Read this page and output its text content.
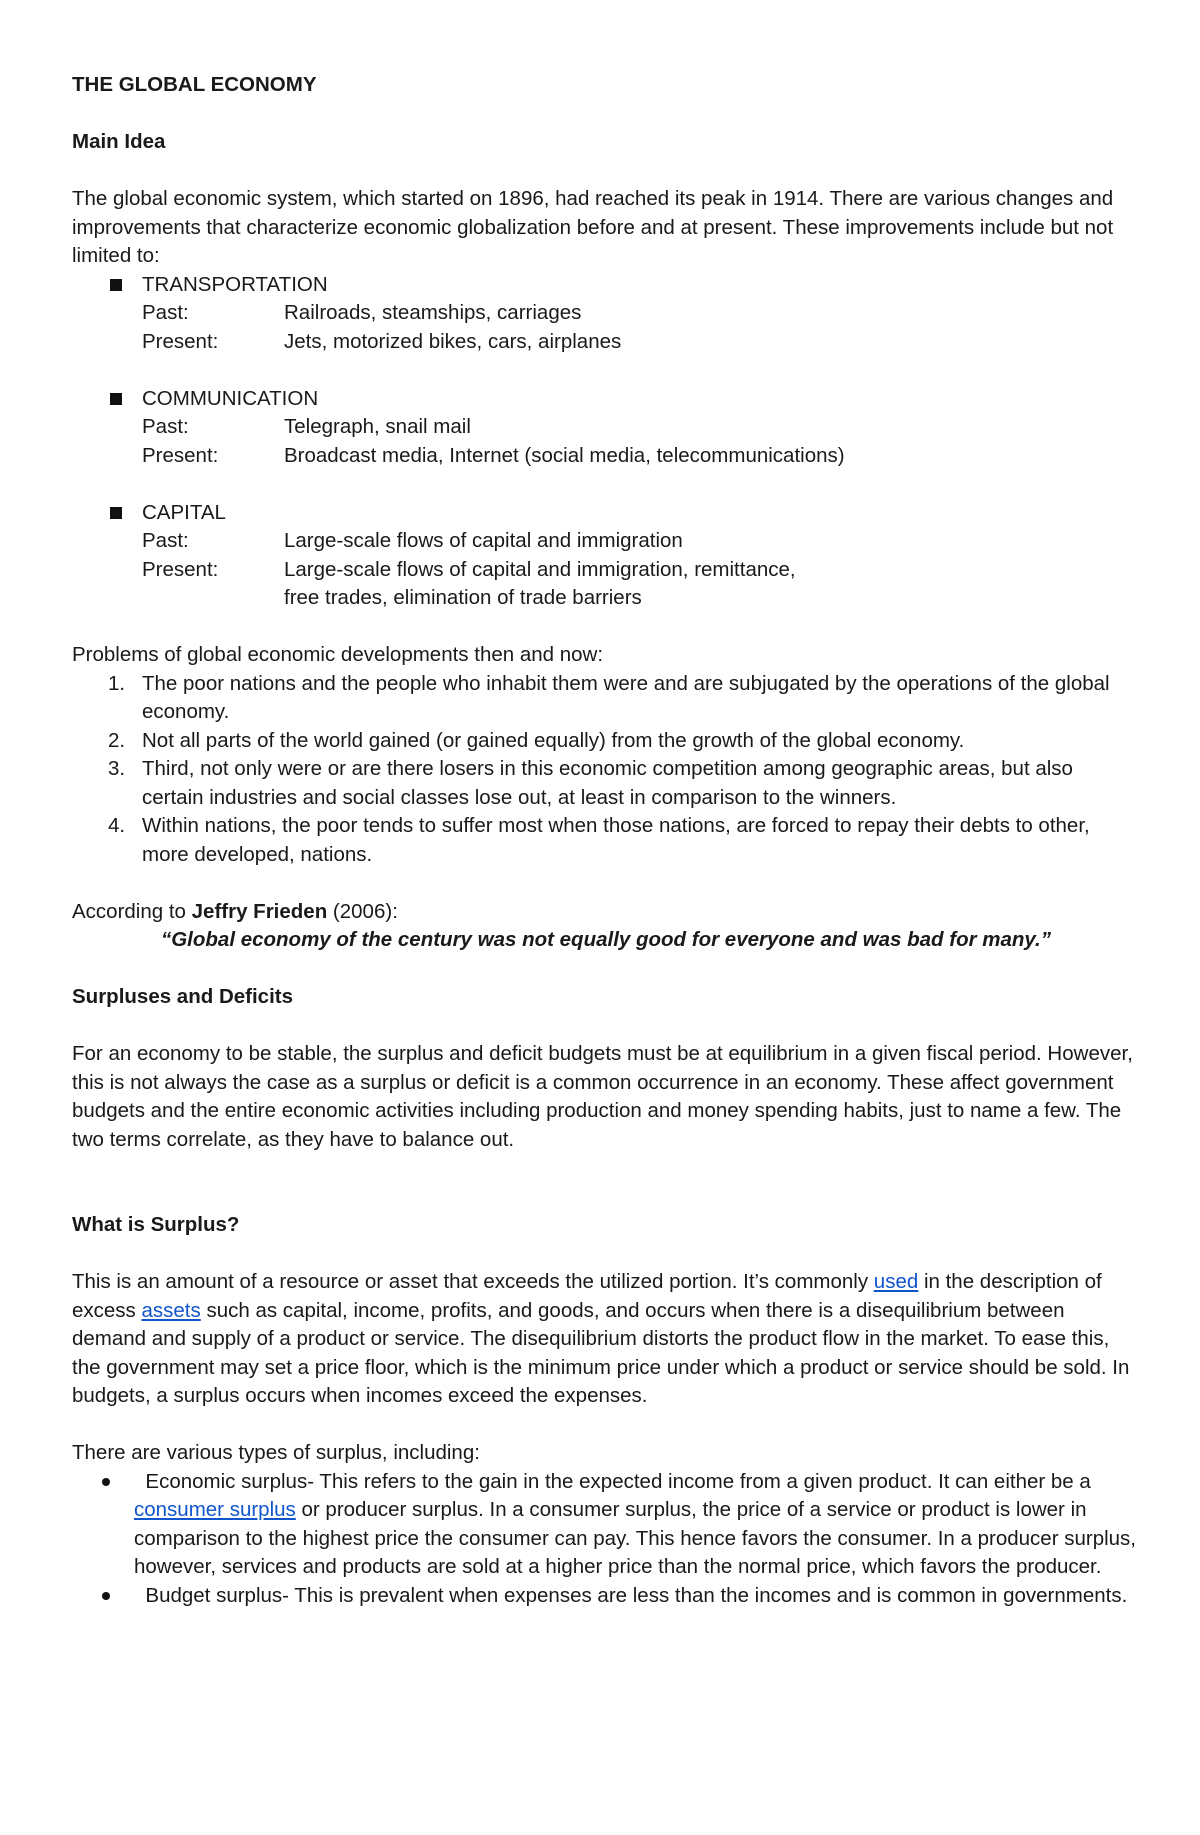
THE GLOBAL ECONOMY

Main Idea

The global economic system, which started on 1896, had reached its peak in 1914. There are various changes and improvements that characterize economic globalization before and at present. These improvements include but not limited to:

TRANSPORTATION
Past:	Railroads, steamships, carriages
Present:	Jets, motorized bikes, cars, airplanes
COMMUNICATION
Past:	Telegraph, snail mail
Present:	Broadcast media, Internet (social media, telecommunications)
CAPITAL
Past:	Large-scale flows of capital and immigration
Present:	Large-scale flows of capital and immigration, remittance,
free trades, elimination of trade barriers

Problems of global economic developments then and now:

1. The poor nations and the people who inhabit them were and are subjugated by the operations of the global economy.
2. Not all parts of the world gained (or gained equally) from the growth of the global economy.
3. Third, not only were or are there losers in this economic competition among geographic areas, but also certain industries and social classes lose out, at least in comparison to the winners.
4. Within nations, the poor tends to suffer most when those nations, are forced to repay their debts to other, more developed, nations.

According to Jeffry Frieden (2006):

“Global economy of the century was not equally good for everyone and was bad for many.”

Surpluses and Deficits

For an economy to be stable, the surplus and deficit budgets must be at equilibrium in a given fiscal period. However, this is not always the case as a surplus or deficit is a common occurrence in an economy. These affect government budgets and the entire economic activities including production and money spending habits, just to name a few. The two terms correlate, as they have to balance out.

What is Surplus?

This is an amount of a resource or asset that exceeds the utilized portion. It’s commonly used in the description of excess assets such as capital, income, profits, and goods, and occurs when there is a disequilibrium between demand and supply of a product or service. The disequilibrium distorts the product flow in the market. To ease this, the government may set a price floor, which is the minimum price under which a product or service should be sold. In budgets, a surplus occurs when incomes exceed the expenses.

There are various types of surplus, including:

Economic surplus- This refers to the gain in the expected income from a given product. It can either be a consumer surplus or producer surplus. In a consumer surplus, the price of a service or product is lower in comparison to the highest price the consumer can pay. This hence favors the consumer. In a producer surplus, however, services and products are sold at a higher price than the normal price, which favors the producer.
Budget surplus- This is prevalent when expenses are less than the incomes and is common in governments.
